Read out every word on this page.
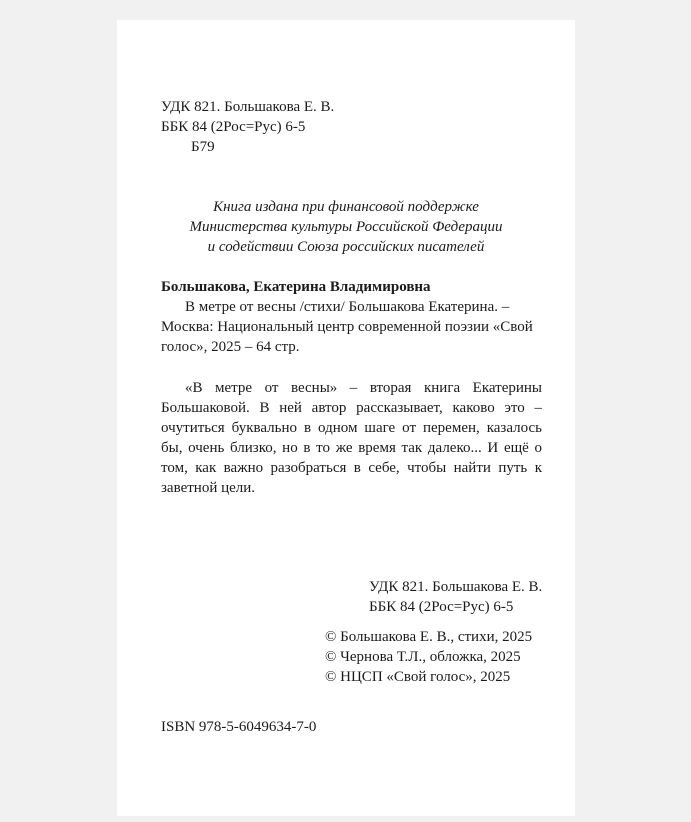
УДК 821. Большакова Е. В.
ББК 84 (2Рос=Рус) 6-5
Б79
Книга издана при финансовой поддержке
Министерства культуры Российской Федерации
и содействии Союза российских писателей
Большакова, Екатерина Владимировна
В метре от весны /стихи/ Большакова Екатерина. –
Москва: Национальный центр современной поэзии «Свой
голос», 2025 – 64 стр.

«В метре от весны» – вторая книга Екатерины Большаковой. В ней автор рассказывает, каково это – очутиться буквально в одном шаге от перемен, казалось бы, очень близко, но в то же время так далеко... И ещё о том, как важно разобраться в себе, чтобы найти путь к заветной цели.

УДК 821. Большакова Е. В.
ББК 84 (2Рос=Рус) 6-5
© Большакова Е. В., стихи, 2025
© Чернова Т.Л., обложка, 2025
© НЦСП «Свой голос», 2025
ISBN 978-5-6049634-7-0
